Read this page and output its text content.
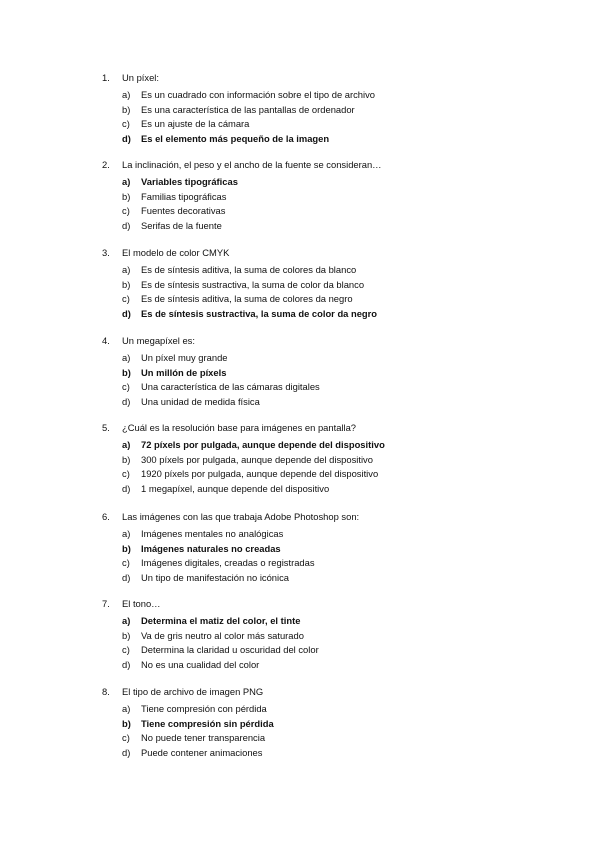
1. Un píxel:
a) Es un cuadrado con información sobre el tipo de archivo
b) Es una característica de las pantallas de ordenador
c) Es un ajuste de la cámara
d) Es el elemento más pequeño de la imagen
2. La inclinación, el peso y el ancho de la fuente se consideran…
a) Variables tipográficas
b) Familias tipográficas
c) Fuentes decorativas
d) Serifas de la fuente
3. El modelo de color CMYK
a) Es de síntesis aditiva, la suma de colores da blanco
b) Es de síntesis sustractiva, la suma de color da blanco
c) Es de síntesis aditiva, la suma de colores da negro
d) Es de síntesis sustractiva, la suma de color da negro
4. Un megapíxel es:
a) Un píxel muy grande
b) Un millón de píxels
c) Una característica de las cámaras digitales
d) Una unidad de medida física
5. ¿Cuál es la resolución base para imágenes en pantalla?
a) 72 píxels por pulgada, aunque depende del dispositivo
b) 300 píxels por pulgada, aunque depende del dispositivo
c) 1920 píxels por pulgada, aunque depende del dispositivo
d) 1 megapíxel, aunque depende del dispositivo
6. Las imágenes con las que trabaja Adobe Photoshop son:
a) Imágenes mentales no analógicas
b) Imágenes naturales no creadas
c) Imágenes digitales, creadas o registradas
d) Un tipo de manifestación no icónica
7. El tono…
a) Determina el matiz del color, el tinte
b) Va de gris neutro al color más saturado
c) Determina la claridad u oscuridad del color
d) No es una cualidad del color
8. El tipo de archivo de imagen PNG
a) Tiene compresión con pérdida
b) Tiene compresión sin pérdida
c) No puede tener transparencia
d) Puede contener animaciones
